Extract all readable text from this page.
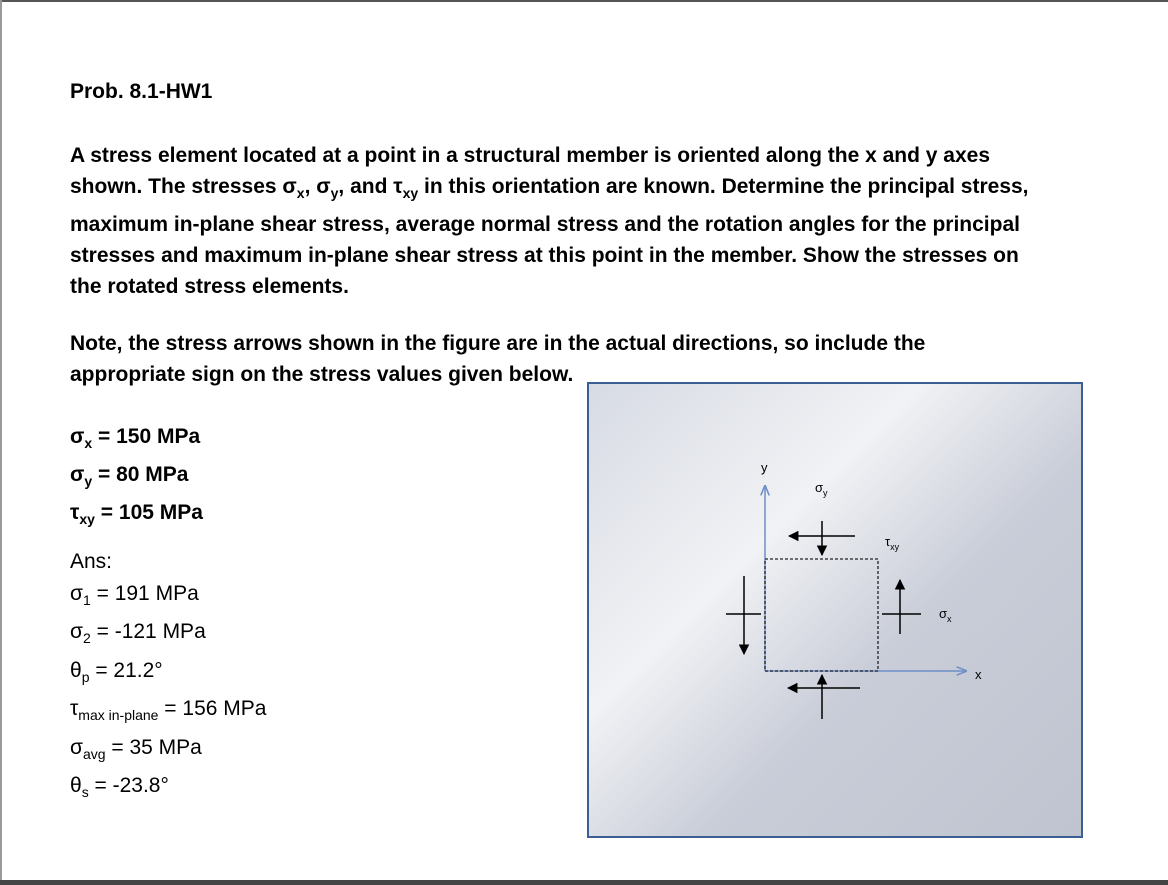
Prob. 8.1-HW1
A stress element located at a point in a structural member is oriented along the x and y axes shown. The stresses $\sigma_x$, $\sigma_y$, and $\tau_{xy}$ in this orientation are known. Determine the principal stress, maximum in-plane shear stress, average normal stress and the rotation angles for the principal stresses and maximum in-plane shear stress at this point in the member. Show the stresses on the rotated stress elements.
Note, the stress arrows shown in the figure are in the actual directions, so include the appropriate sign on the stress values given below.
$\sigma_x = 150$ MPa
$\sigma_y = 80$ MPa
$\tau_{xy} = 105$ MPa
Ans:
$\sigma_1 = 191$ MPa
$\sigma_2 = -121$ MPa
$\theta_p = 21.2^\circ$
$\tau_{max in-plane} = 156$ MPa
$\sigma_{avg} = 35$ MPa
$\theta_s = -23.8^\circ$
y
x
$\sigma_y$
$\tau_{xy}$
$\sigma_x$
